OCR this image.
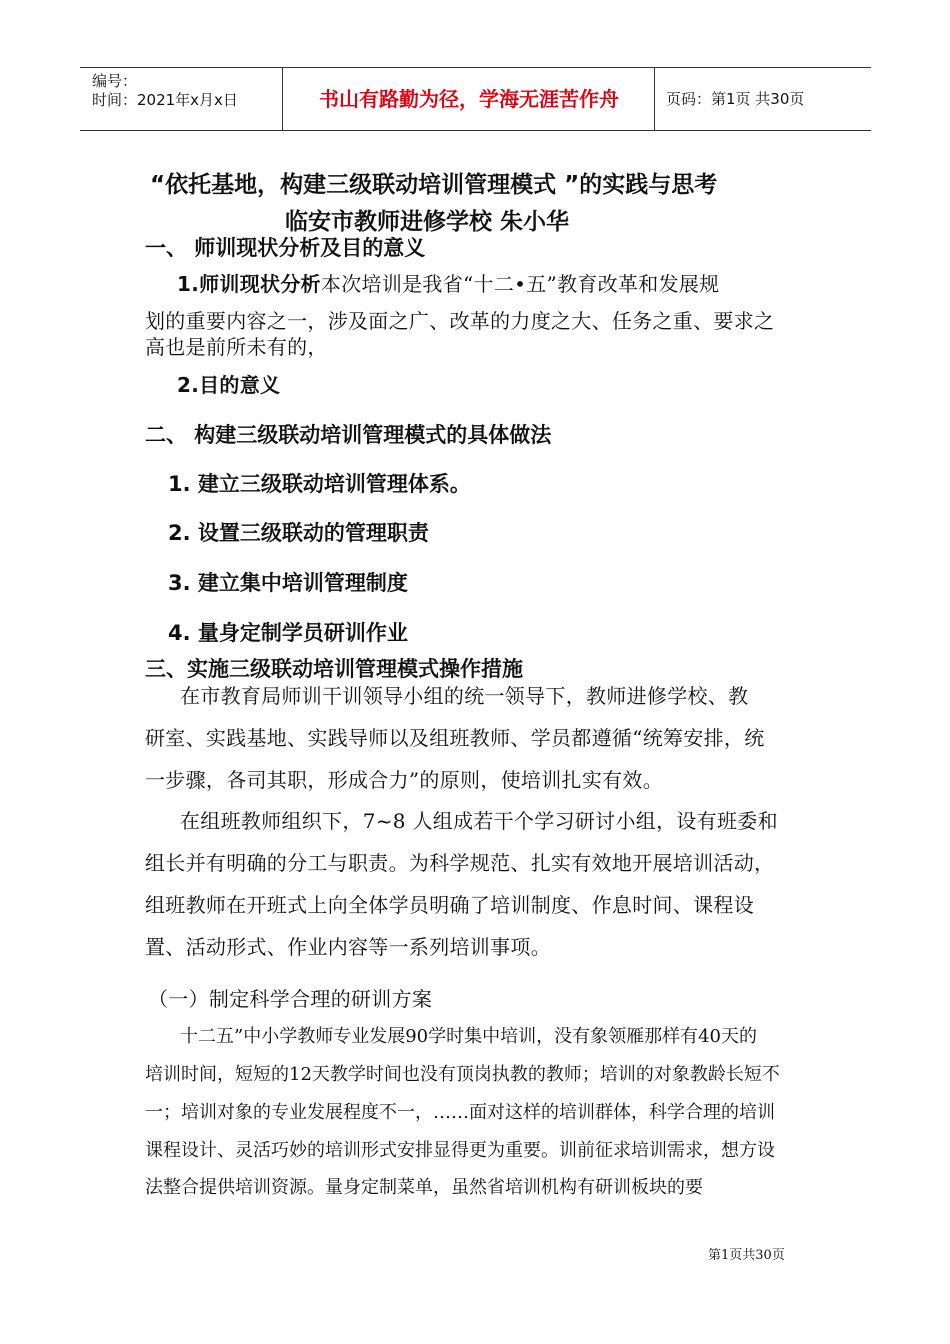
编号：
时间：2021年x月x日	书山有路勤为径，学海无涯苦作舟	页码：第1页 共30页
“依托基地，构建三级联动培训管理模式 ”的实践与思考
临安市教师进修学校 朱小华
一、 师训现状分析及目的意义
1.师训现状分析本次培训是我省“十二•五”教育改革和发展规
划的重要内容之一，涉及面之广、改革的力度之大、任务之重、要求之
高也是前所未有的，
2.目的意义
二、 构建三级联动培训管理模式的具体做法
1. 建立三级联动培训管理体系。
2. 设置三级联动的管理职责
3. 建立集中培训管理制度
4. 量身定制学员研训作业
三、实施三级联动培训管理模式操作措施
在市教育局师训干训领导小组的统一领导下，教师进修学校、教
研室、实践基地、实践导师以及组班教师、学员都遵循“统筹安排，统
一步骤，各司其职，形成合力”的原则，使培训扎实有效。
在组班教师组织下，7~8 人组成若干个学习研讨小组，设有班委和
组长并有明确的分工与职责。为科学规范、扎实有效地开展培训活动，
组班教师在开班式上向全体学员明确了培训制度、作息时间、课程设
置、活动形式、作业内容等一系列培训事项。
（一）制定科学合理的研训方案
十二五”中小学教师专业发展90学时集中培训，没有象领雁那样有40天的
培训时间，短短的12天教学时间也没有顶岗执教的教师；培训的对象教龄长短不
一；培训对象的专业发展程度不一，……面对这样的培训群体，科学合理的培训
课程设计、灵活巧妙的培训形式安排显得更为重要。训前征求培训需求，想方设
法整合提供培训资源。量身定制菜单，虽然省培训机构有研训板块的要
第1页共30页
